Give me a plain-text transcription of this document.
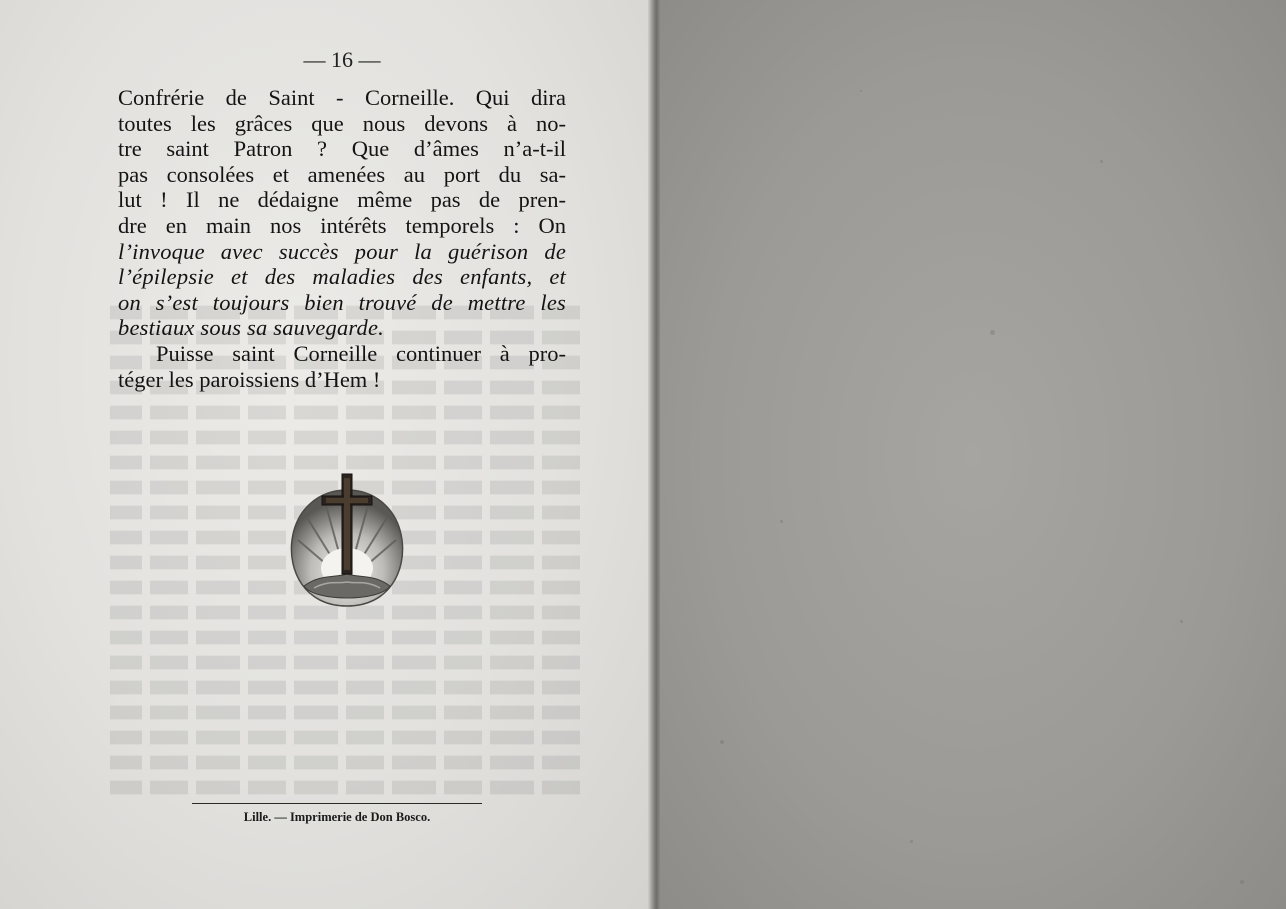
— 16 —
Confrérie de Saint - Corneille. Qui dira
toutes les grâces que nous devons à no-
tre saint Patron ? Que d’âmes n’a-t-il
pas consolées et amenées au port du sa-
lut ! Il ne dédaigne même pas de pren-
dre en main nos intérêts temporels : On
l’invoque avec succès pour la guérison de
l’épilepsie et des maladies des enfants, et
on s’est toujours bien trouvé de mettre les
bestiaux sous sa sauvegarde.
Puisse saint Corneille continuer à pro-
téger les paroissiens d’Hem !
Lille. — Imprimerie de Don Bosco.
